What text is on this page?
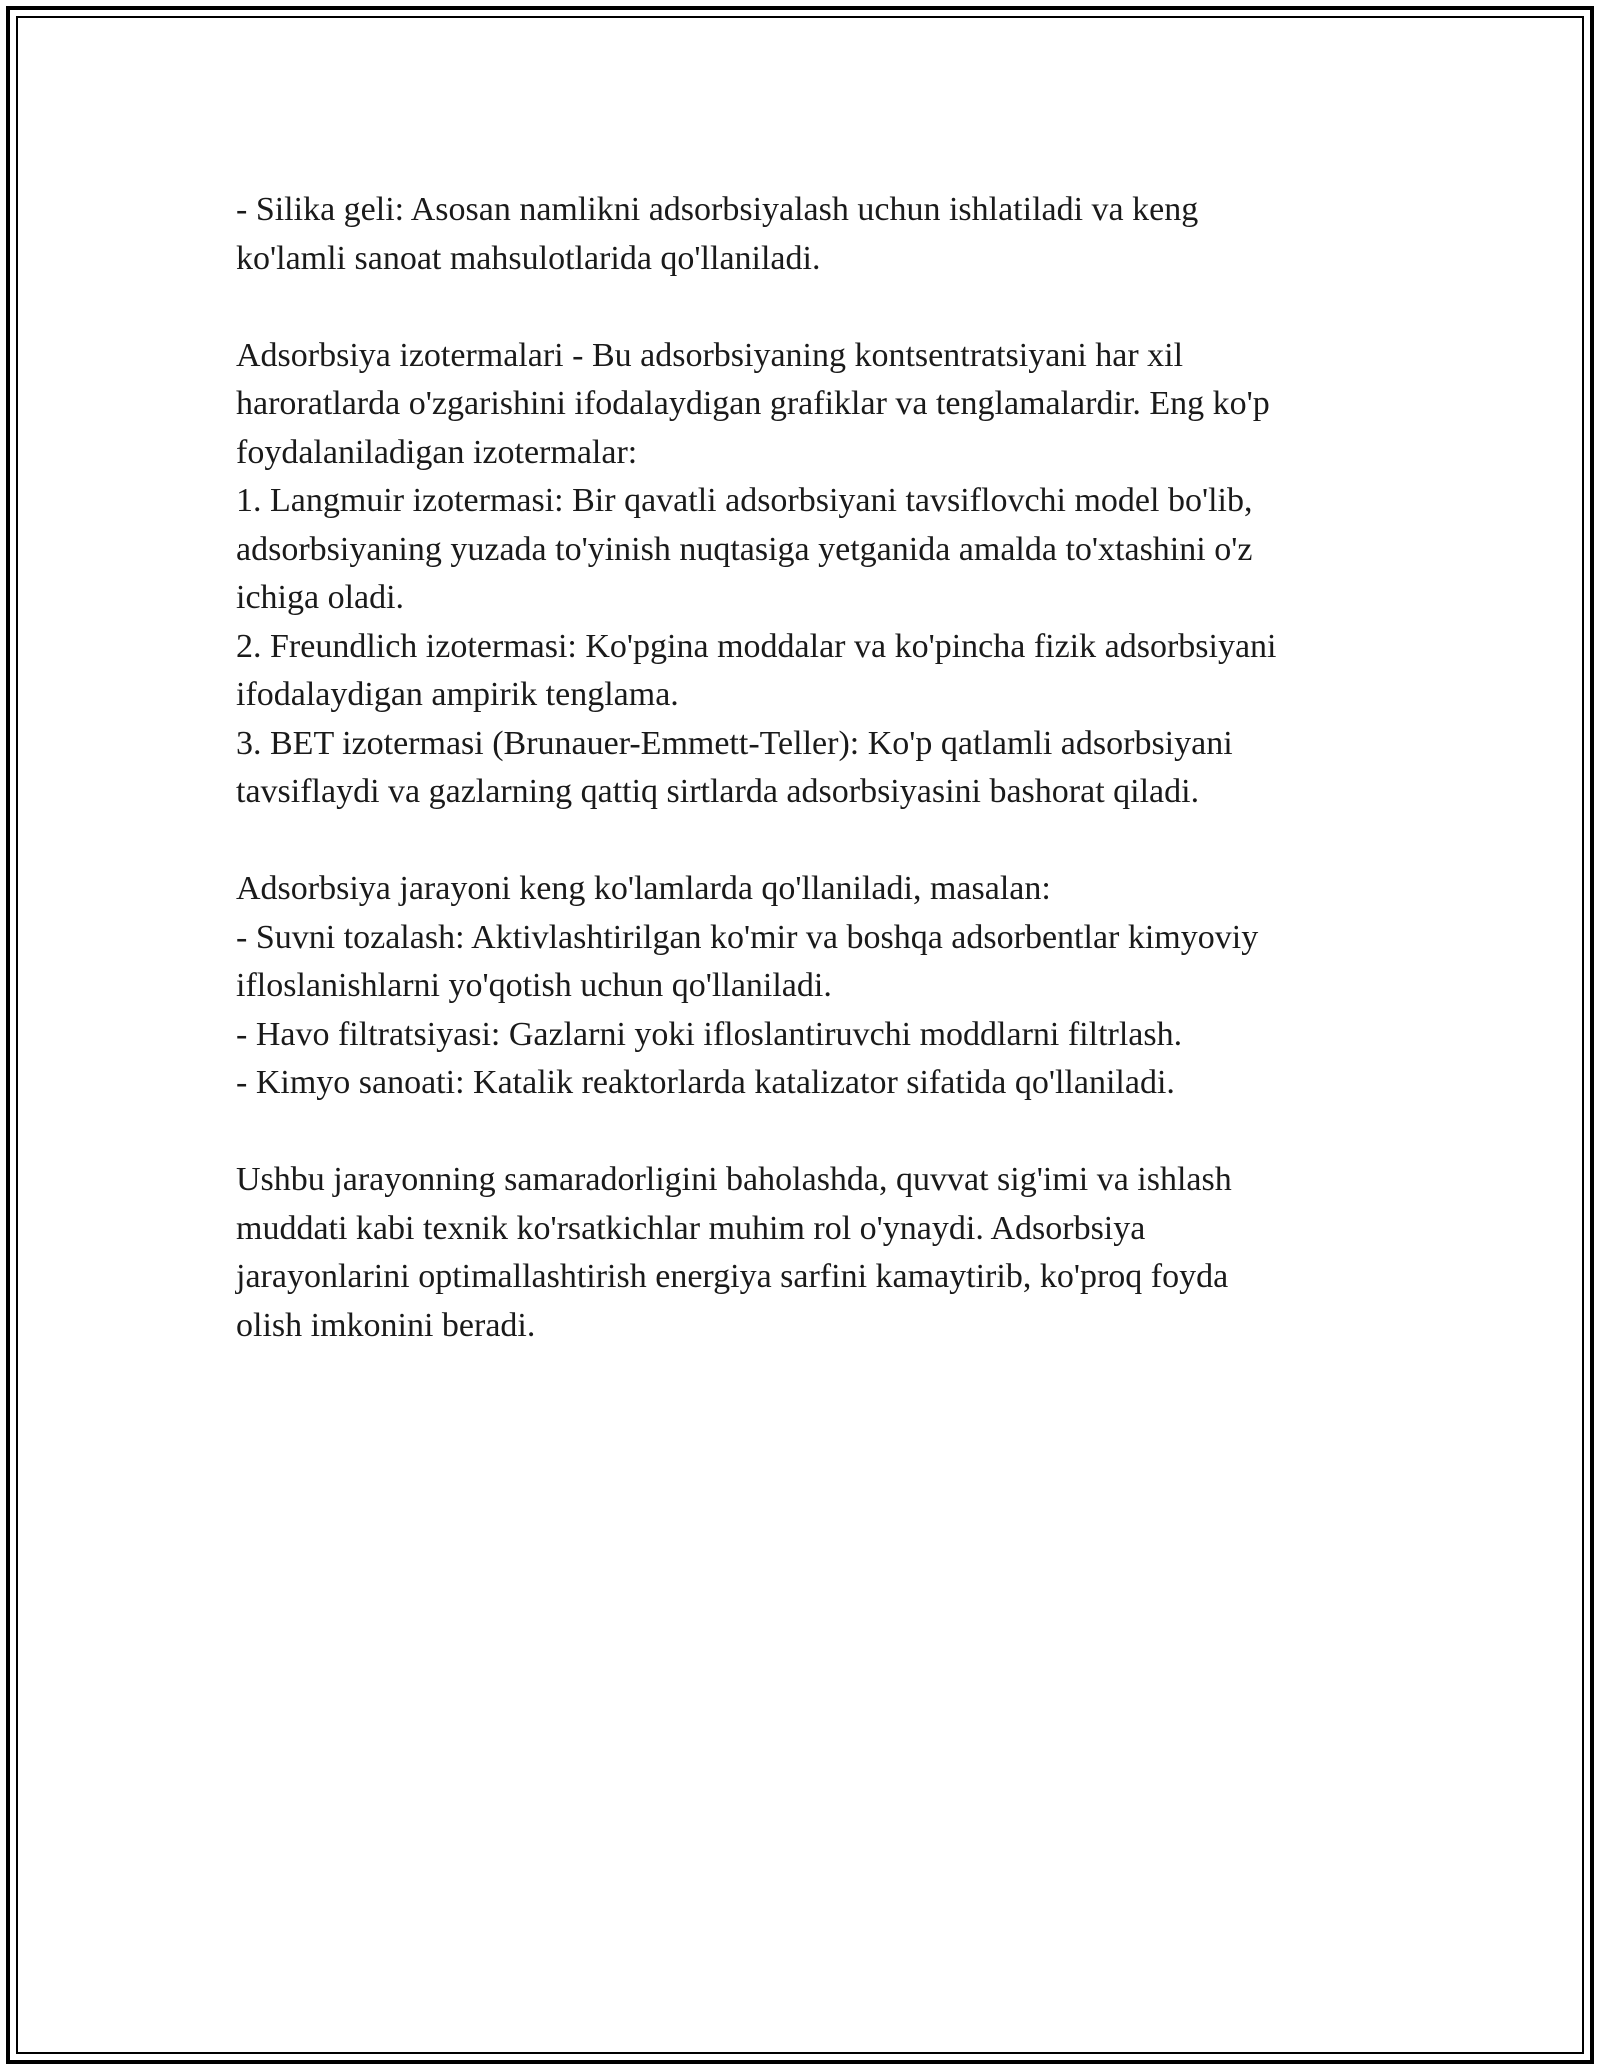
- Silika geli: Asosan namlikni adsorbsiyalash uchun ishlatiladi va keng
ko'lamli sanoat mahsulotlarida qo'llaniladi.
Adsorbsiya izotermalari - Bu adsorbsiyaning kontsentratsiyani har xil
haroratlarda o'zgarishini ifodalaydigan grafiklar va tenglamalardir. Eng ko'p
foydalaniladigan izotermalar:
1. Langmuir izotermasi: Bir qavatli adsorbsiyani tavsiflovchi model bo'lib,
adsorbsiyaning yuzada to'yinish nuqtasiga yetganida amalda to'xtashini o'z
ichiga oladi.
2. Freundlich izotermasi: Ko'pgina moddalar va ko'pincha fizik adsorbsiyani
ifodalaydigan ampirik tenglama.
3. BET izotermasi (Brunauer-Emmett-Teller): Ko'p qatlamli adsorbsiyani
tavsiflaydi va gazlarning qattiq sirtlarda adsorbsiyasini bashorat qiladi.
Adsorbsiya jarayoni keng ko'lamlarda qo'llaniladi, masalan:
- Suvni tozalash: Aktivlashtirilgan ko'mir va boshqa adsorbentlar kimyoviy
ifloslanishlarni yo'qotish uchun qo'llaniladi.
- Havo filtratsiyasi: Gazlarni yoki ifloslantiruvchi moddlarni filtrlash.
- Kimyo sanoati: Katalik reaktorlarda katalizator sifatida qo'llaniladi.
Ushbu jarayonning samaradorligini baholashda, quvvat sig'imi va ishlash
muddati kabi texnik ko'rsatkichlar muhim rol o'ynaydi. Adsorbsiya
jarayonlarini optimallashtirish energiya sarfini kamaytirib, ko'proq foyda
olish imkonini beradi.
